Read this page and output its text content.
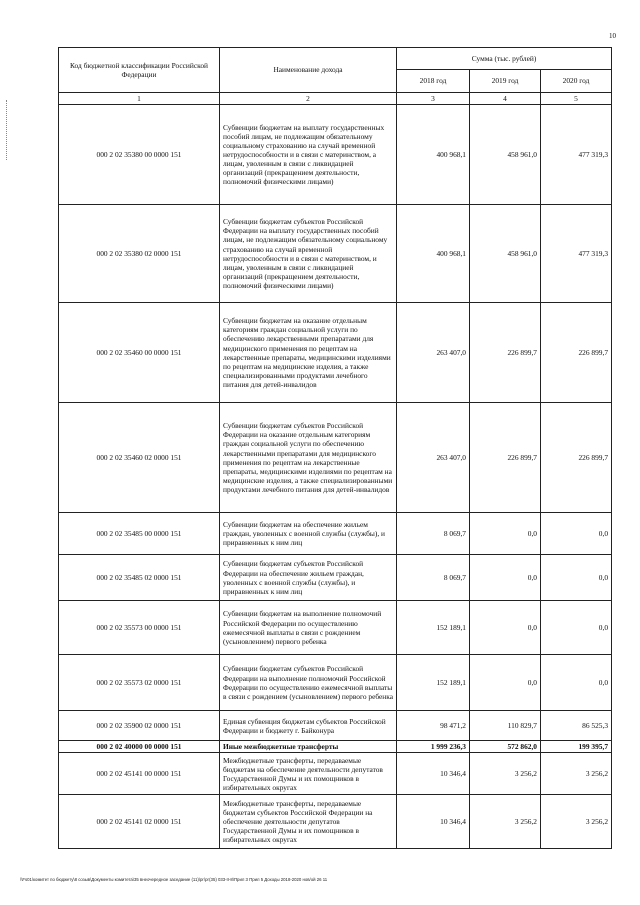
10
Код бюджетной классификации Российской Федерации	Наименование дохода	Сумма (тыс. рублей)		
		2018 год	2019 год	2020 год
1	2	3	4	5
000 2 02 35380 00 0000 151	Субвенции бюджетам на выплату государственных пособий лицам, не подлежащим обязательному социальному страхованию на случай временной нетрудоспособности и в связи с материнством, а лицам, уволенным в связи с ликвидацией организаций (прекращением деятельности, полномочий физическими лицами)	400 968,1	458 961,0	477 319,3
000 2 02 35380 02 0000 151	Субвенции бюджетам субъектов Российской Федерации на выплату государственных пособий лицам, не подлежащим обязательному социальному страхованию на случай временной нетрудоспособности и в связи с материнством, и лицам, уволенным в связи с ликвидацией организаций (прекращением деятельности, полномочий физическими лицами)	400 968,1	458 961,0	477 319,3
000 2 02 35460 00 0000 151	Субвенции бюджетам на оказание отдельным категориям граждан социальной услуги по обеспечению лекарственными препаратами для медицинского применения по рецептам на лекарственные препараты, медицинскими изделиями по рецептам на медицинские изделия, а также специализированными продуктами лечебного питания для детей-инвалидов	263 407,0	226 899,7	226 899,7
000 2 02 35460 02 0000 151	Субвенции бюджетам субъектов Российской Федерации на оказание отдельным категориям граждан социальной услуги по обеспечению лекарственными препаратами для медицинского применения по рецептам на лекарственные препараты, медицинскими изделиями по рецептам на медицинские изделия, а также специализированными продуктами лечебного питания для детей-инвалидов	263 407,0	226 899,7	226 899,7
000 2 02 35485 00 0000 151	Субвенции бюджетам на обеспечение жильем граждан, уволенных с военной службы (службы), и приравненных к ним лиц	8 069,7	0,0	0,0
000 2 02 35485 02 0000 151	Субвенции бюджетам субъектов Российской Федерации на обеспечение жильем граждан, уволенных с военной службы (службы), и приравненных к ним лиц	8 069,7	0,0	0,0
000 2 02 35573 00 0000 151	Субвенции бюджетам на выполнение полномочий Российской Федерации по осуществлению ежемесячной выплаты в связи с рождением (усыновлением) первого ребенка	152 189,1	0,0	0,0
000 2 02 35573 02 0000 151	Субвенции бюджетам субъектов Российской Федерации на выполнение полномочий Российской Федерации по осуществлению ежемесячной выплаты в связи с рождением (усыновлением) первого ребенка	152 189,1	0,0	0,0
000 2 02 35900 02 0000 151	Единая субвенция бюджетам субъектов Российской Федерации и бюджету г. Байконура	98 471,2	110 829,7	86 525,3
000 2 02 40000 00 0000 151	Иные межбюджетные трансферты	1 999 236,3	572 862,0	199 395,7
000 2 02 45141 00 0000 151	Межбюджетные трансферты, передаваемые бюджетам на обеспечение деятельности депутатов Государственной Думы и их помощников в избирательных округах	10 346,4	3 256,2	3 256,2
000 2 02 45141 02 0000 151	Межбюджетные трансферты, передаваемые бюджетам субъектов Российской Федерации на обеспечение деятельности депутатов Государственной Думы и их помощников в избирательных округах	10 346,4	3 256,2	3 256,2
\\Fs01\комитет по бюджету\8 созыв\Документы комитета\35 внеочередное заседание (11)\рг\рг(35) 033-II-8\Прил 3 Прил 5 Доходы 2018-2020 нов/ой 26 11
